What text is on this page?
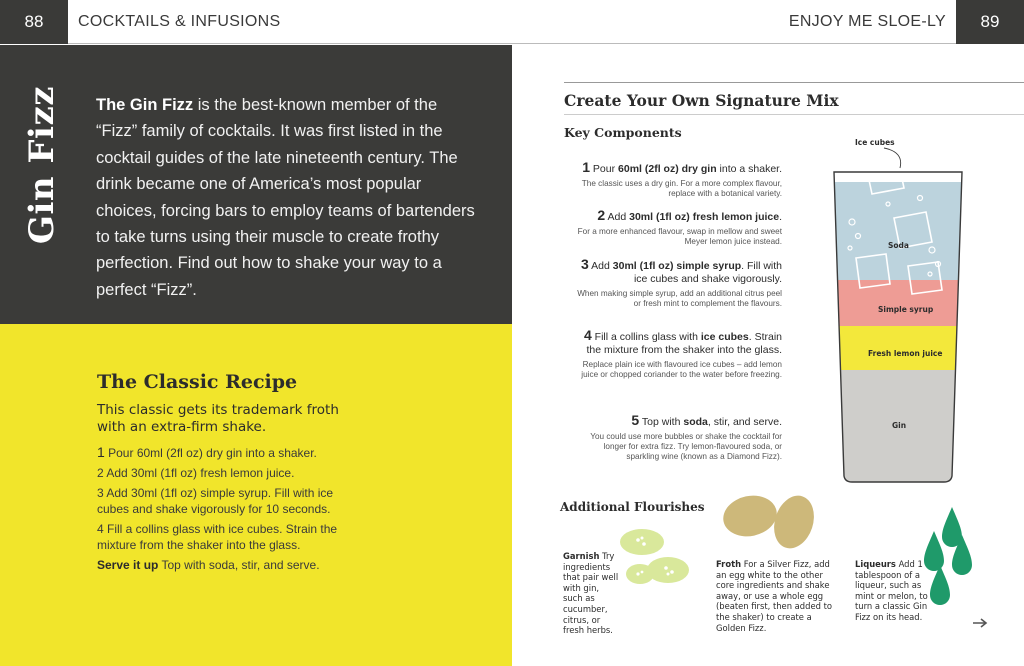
88	COCKTAILS & INFUSIONS	ENJOY ME SLOE-LY	89
Gin Fizz The Gin Fizz is the best-known member of the “Fizz” family of cocktails. It was first listed in the cocktail guides of the late nineteenth century. The drink became one of America’s most popular choices, forcing bars to employ teams of bartenders to take turns using their muscle to create frothy perfection. Find out how to shake your way to a perfect “Fizz”.
The Classic Recipe
This classic gets its trademark froth with an extra-firm shake.
1 Pour 60ml (2fl oz) dry gin into a shaker.
2 Add 30ml (1fl oz) fresh lemon juice.
3 Add 30ml (1fl oz) simple syrup. Fill with ice cubes and shake vigorously for 10 seconds.
4 Fill a collins glass with ice cubes. Strain the mixture from the shaker into the glass.
Serve it up Top with soda, stir, and serve.
Create Your Own Signature Mix
Key Components
1 Pour 60ml (2fl oz) dry gin into a shaker.
The classic uses a dry gin. For a more complex flavour, replace with a botanical variety.
2 Add 30ml (1fl oz) fresh lemon juice.
For a more enhanced flavour, swap in mellow and sweet Meyer lemon juice instead.
3 Add 30ml (1fl oz) simple syrup. Fill with ice cubes and shake vigorously.
When making simple syrup, add an additional citrus peel or fresh mint to complement the flavours.
4 Fill a collins glass with ice cubes. Strain the mixture from the shaker into the glass.
Replace plain ice with flavoured ice cubes – add lemon juice or chopped coriander to the water before freezing.
5 Top with soda, stir, and serve.
You could use more bubbles or shake the cocktail for longer for extra fizz. Try lemon-flavoured soda, or sparkling wine (known as a Diamond Fizz).
Ice cubes
Soda
Simple syrup
Fresh lemon juice
Gin
Additional Flourishes
Garnish Try ingredients that pair well with gin, such as cucumber, citrus, or fresh herbs.
Froth For a Silver Fizz, add an egg white to the other core ingredients and shake away, or use a whole egg (beaten first, then added to the shaker) to create a Golden Fizz.
Liqueurs Add 1 tablespoon of a liqueur, such as mint or melon, to turn a classic Gin Fizz on its head.
